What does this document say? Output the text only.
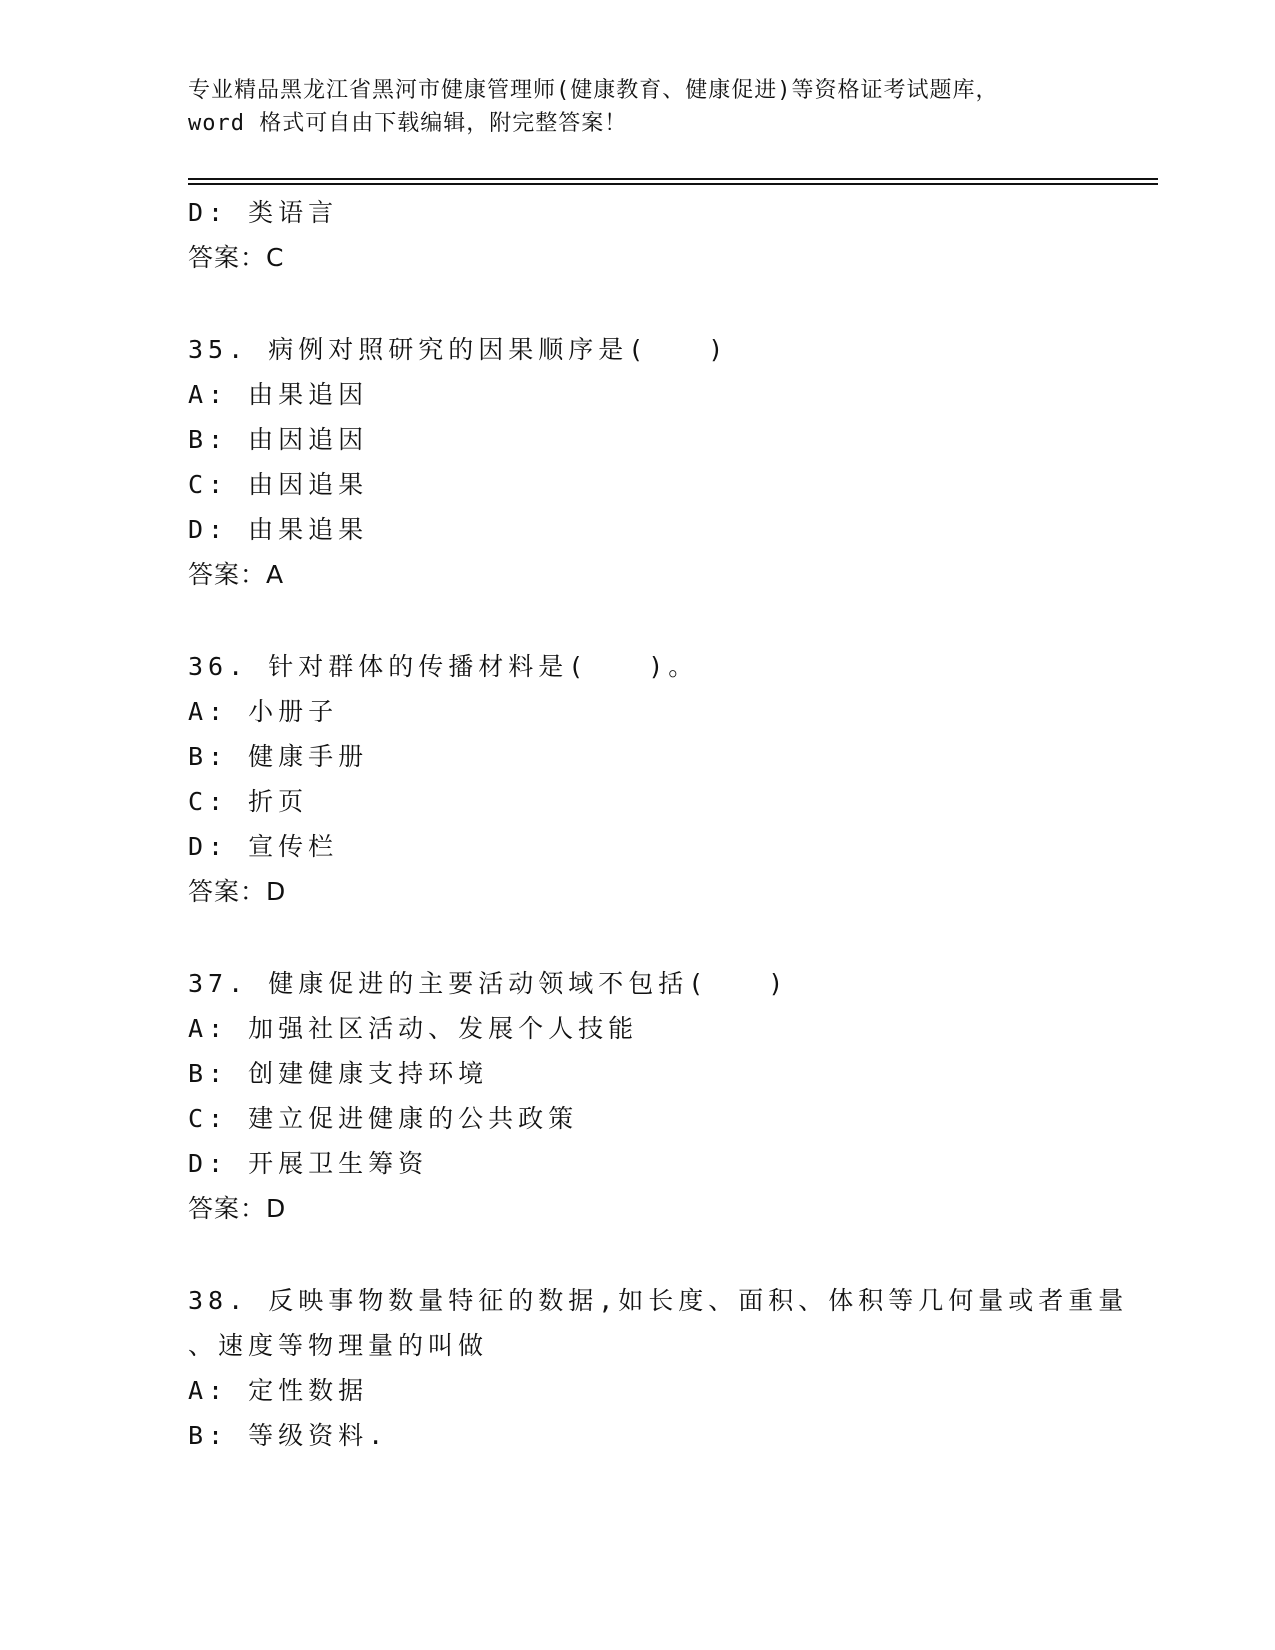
专业精品黑龙江省黑河市健康管理师(健康教育、健康促进)等资格证考试题库，
word 格式可自由下载编辑，附完整答案！
D: 类语言
答案：C
35. 病例对照研究的因果顺序是(　　)
A: 由果追因
B: 由因追因
C: 由因追果
D: 由果追果
答案：A
36. 针对群体的传播材料是(　　)。
A: 小册子
B: 健康手册
C: 折页
D: 宣传栏
答案：D
37. 健康促进的主要活动领域不包括(　　)
A: 加强社区活动、发展个人技能
B: 创建健康支持环境
C: 建立促进健康的公共政策
D: 开展卫生筹资
答案：D
38. 反映事物数量特征的数据,如长度、面积、体积等几何量或者重量
、速度等物理量的叫做
A: 定性数据
B: 等级资料.
